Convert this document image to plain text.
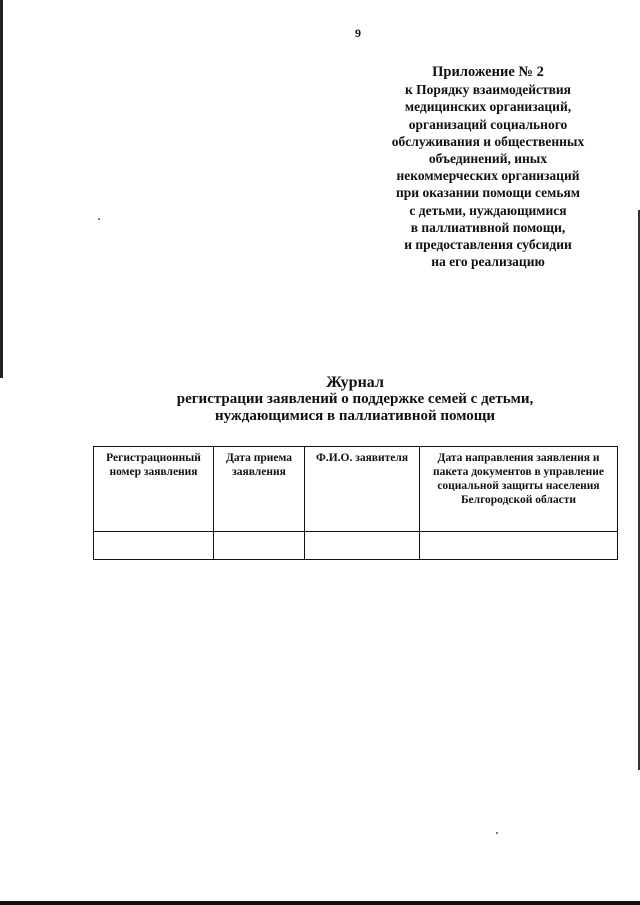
9
Приложение № 2
к Порядку взаимодействия
медицинских организаций,
организаций социального
обслуживания и общественных
объединений, иных
некоммерческих организаций
при оказании помощи семьям
с детьми, нуждающимися
в паллиативной помощи,
и предоставления субсидии
на его реализацию
Журнал
регистрации заявлений о поддержке семей с детьми,
нуждающимися в паллиативной помощи
Регистрационный номер заявления	Дата приема заявления	Ф.И.О. заявителя	Дата направления заявления и пакета документов в управление социальной защиты населения Белгородской области
